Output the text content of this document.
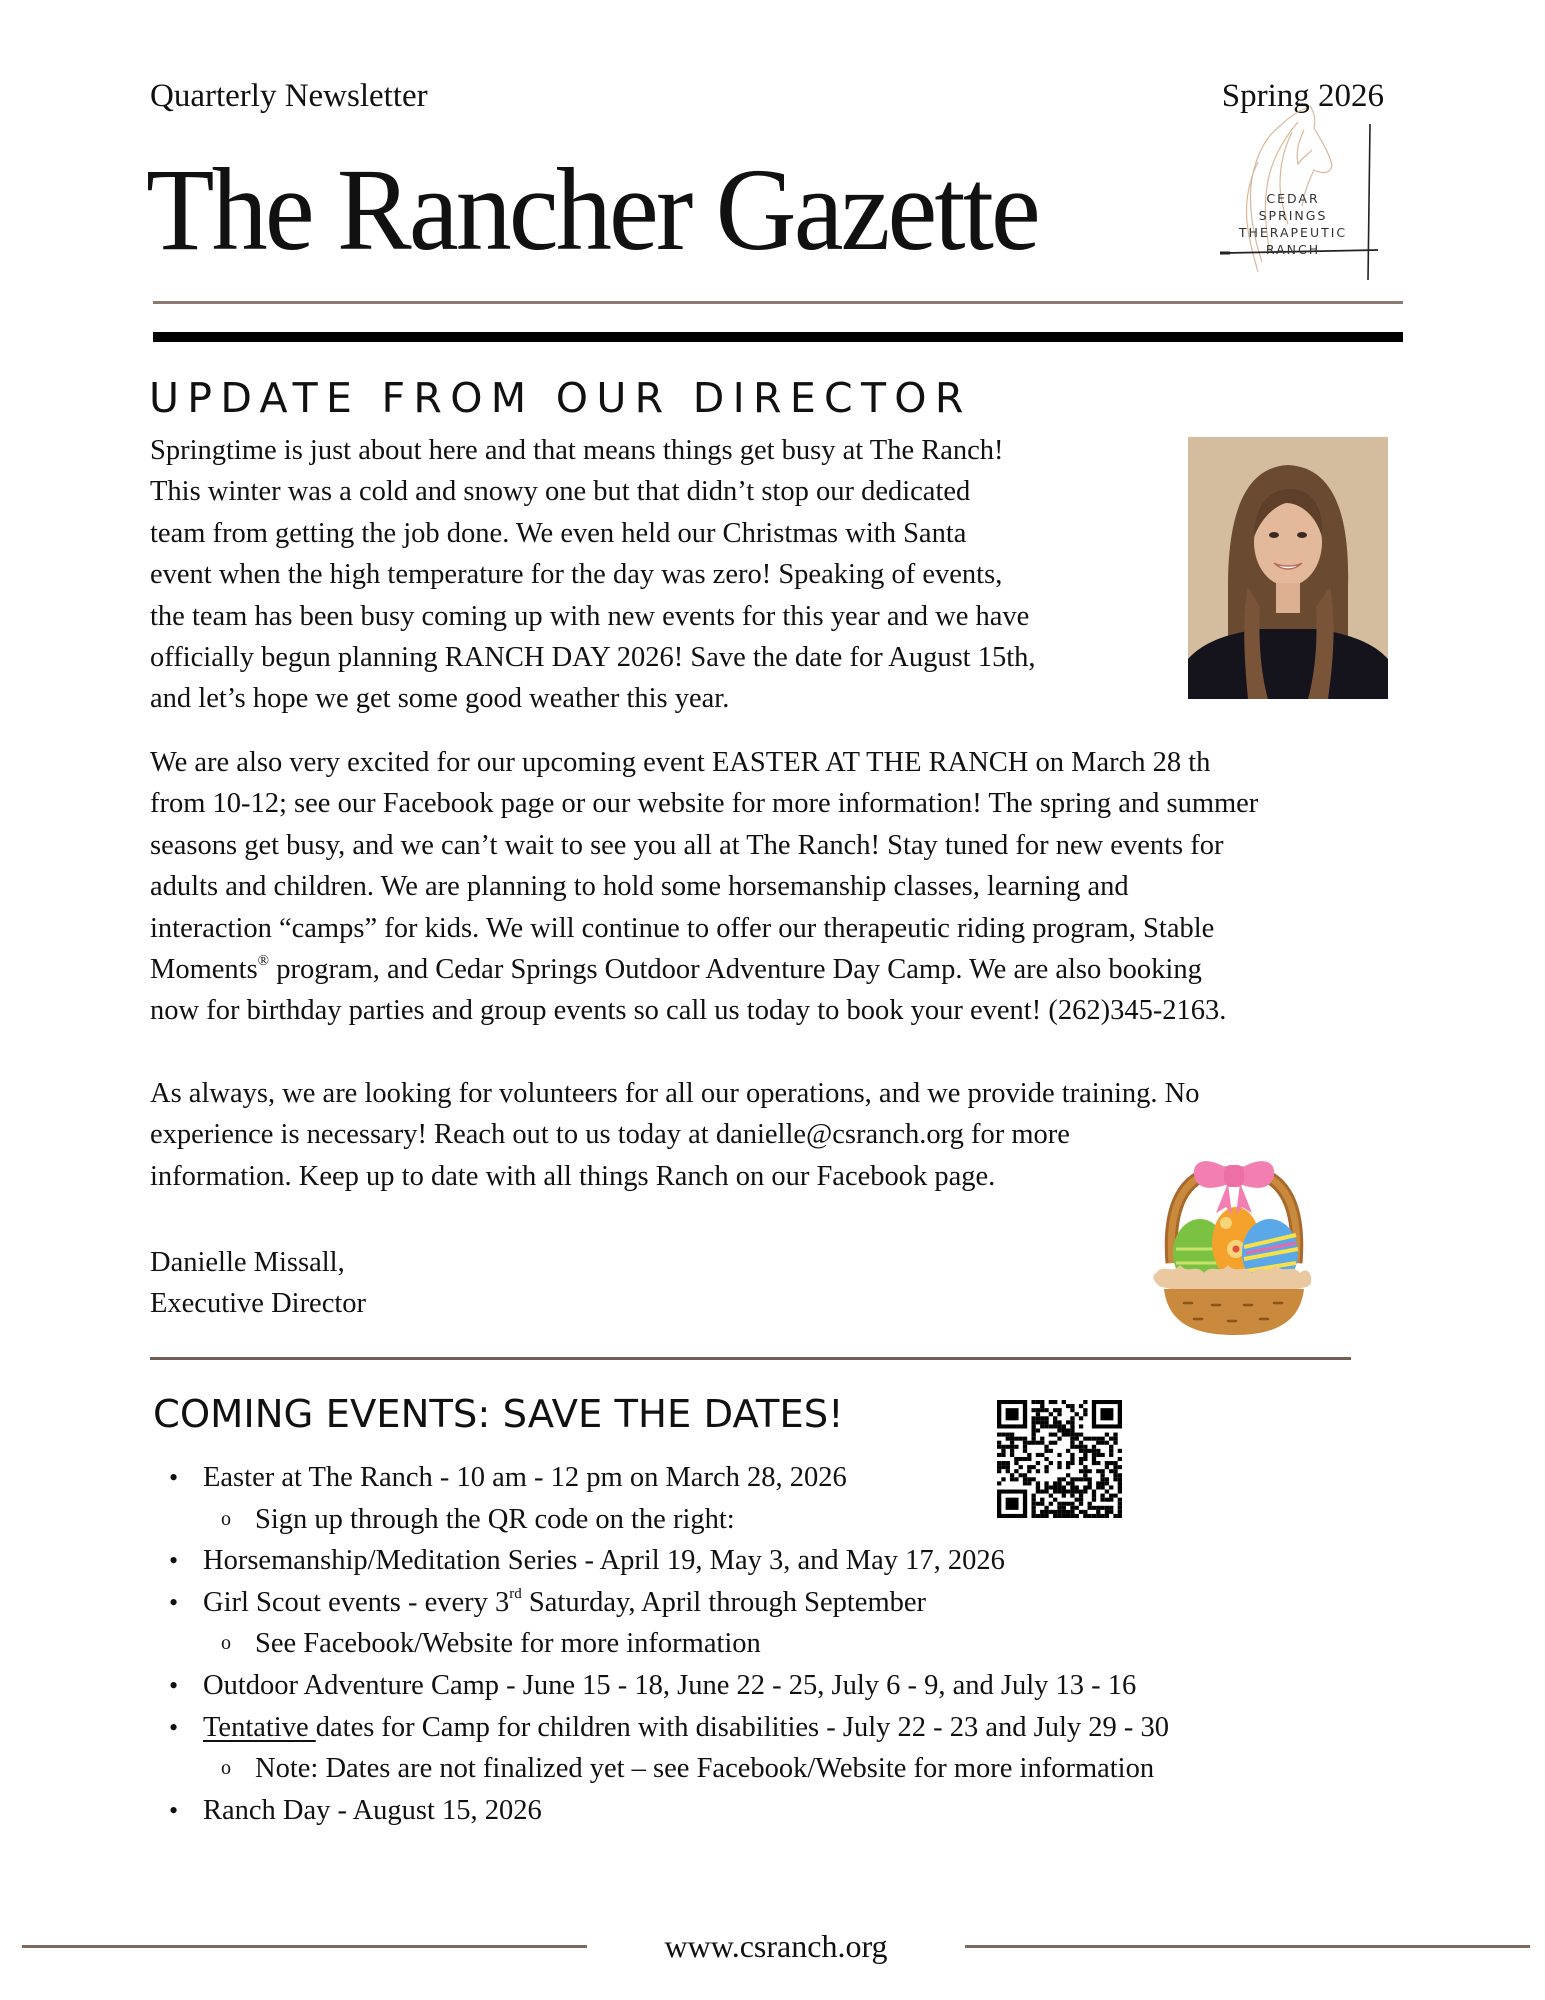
Quarterly Newsletter	Spring 2026
The Rancher Gazette	CEDAR
SPRINGS
THERAPEUTIC
RANCH
UPDATE FROM OUR DIRECTOR
Springtime is just about here and that means things get busy at The Ranch!
This winter was a cold and snowy one but that didn’t stop our dedicated
team from getting the job done. We even held our Christmas with Santa
event when the high temperature for the day was zero! Speaking of events,
the team has been busy coming up with new events for this year and we have
officially begun planning RANCH DAY 2026! Save the date for August 15th,
and let’s hope we get some good weather this year.
We are also very excited for our upcoming event EASTER AT THE RANCH on March 28 th
from 10-12; see our Facebook page or our website for more information! The spring and summer
seasons get busy, and we can’t wait to see you all at The Ranch! Stay tuned for new events for
adults and children. We are planning to hold some horsemanship classes, learning and
interaction “camps” for kids. We will continue to offer our therapeutic riding program, Stable
Moments® program, and Cedar Springs Outdoor Adventure Day Camp. We are also booking
now for birthday parties and group events so call us today to book your event! (262)345-2163.
As always, we are looking for volunteers for all our operations, and we provide training. No
experience is necessary! Reach out to us today at danielle@csranch.org for more
information. Keep up to date with all things Ranch on our Facebook page.
Danielle Missall,
Executive Director
COMING EVENTS: SAVE THE DATES!
• Easter at The Ranch - 10 am - 12 pm on March 28, 2026
o Sign up through the QR code on the right:
• Horsemanship/Meditation Series - April 19, May 3, and May 17, 2026
• Girl Scout events - every 3rd Saturday, April through September
o See Facebook/Website for more information
• Outdoor Adventure Camp - June 15 - 18, June 22 - 25, July 6 - 9, and July 13 - 16
• Tentative dates for Camp for children with disabilities - July 22 - 23 and July 29 - 30
o Note: Dates are not finalized yet – see Facebook/Website for more information
• Ranch Day - August 15, 2026
www.csranch.org
